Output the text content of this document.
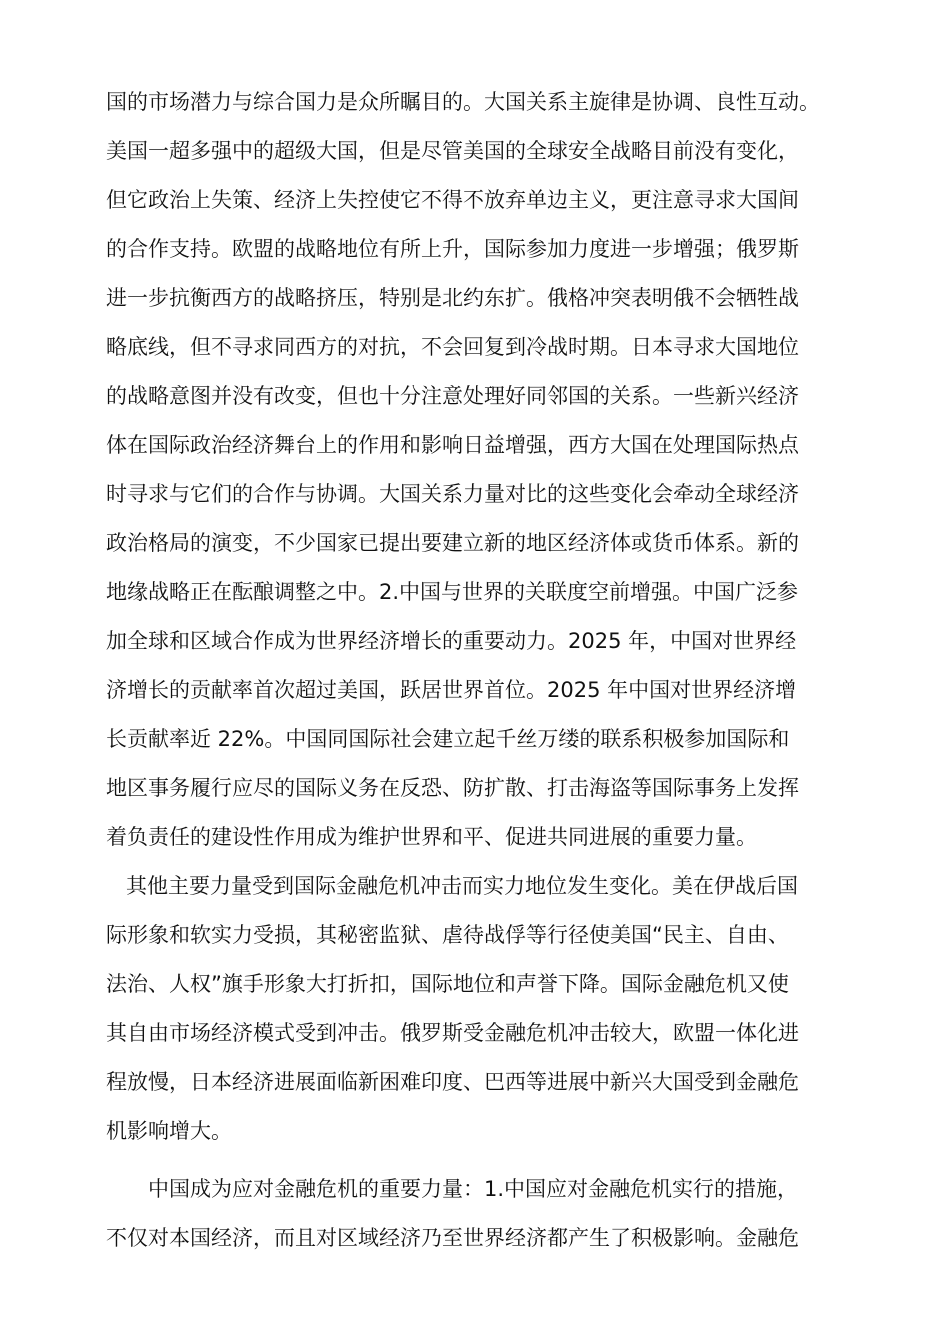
国的市场潜力与综合国力是众所瞩目的。大国关系主旋律是协调、良性互动。
美国一超多强中的超级大国，但是尽管美国的全球安全战略目前没有变化，
但它政治上失策、经济上失控使它不得不放弃单边主义，更注意寻求大国间
的合作支持。欧盟的战略地位有所上升，国际参加力度进一步增强；俄罗斯
进一步抗衡西方的战略挤压，特别是北约东扩。俄格冲突表明俄不会牺牲战
略底线，但不寻求同西方的对抗，不会回复到冷战时期。日本寻求大国地位
的战略意图并没有改变，但也十分注意处理好同邻国的关系。一些新兴经济
体在国际政治经济舞台上的作用和影响日益增强，西方大国在处理国际热点
时寻求与它们的合作与协调。大国关系力量对比的这些变化会牵动全球经济
政治格局的演变，不少国家已提出要建立新的地区经济体或货币体系。新的
地缘战略正在酝酿调整之中。2.中国与世界的关联度空前增强。中国广泛参
加全球和区域合作成为世界经济增长的重要动力。2025 年，中国对世界经
济增长的贡献率首次超过美国，跃居世界首位。2025 年中国对世界经济增
长贡献率近 22%。中国同国际社会建立起千丝万缕的联系积极参加国际和
地区事务履行应尽的国际义务在反恐、防扩散、打击海盗等国际事务上发挥
着负责任的建设性作用成为维护世界和平、促进共同进展的重要力量。
其他主要力量受到国际金融危机冲击而实力地位发生变化。美在伊战后国
际形象和软实力受损，其秘密监狱、虐待战俘等行径使美国“民主、自由、
法治、人权”旗手形象大打折扣，国际地位和声誉下降。国际金融危机又使
其自由市场经济模式受到冲击。俄罗斯受金融危机冲击较大，欧盟一体化进
程放慢，日本经济进展面临新困难印度、巴西等进展中新兴大国受到金融危
机影响增大。
中国成为应对金融危机的重要力量：1.中国应对金融危机实行的措施，
不仅对本国经济，而且对区域经济乃至世界经济都产生了积极影响。金融危
